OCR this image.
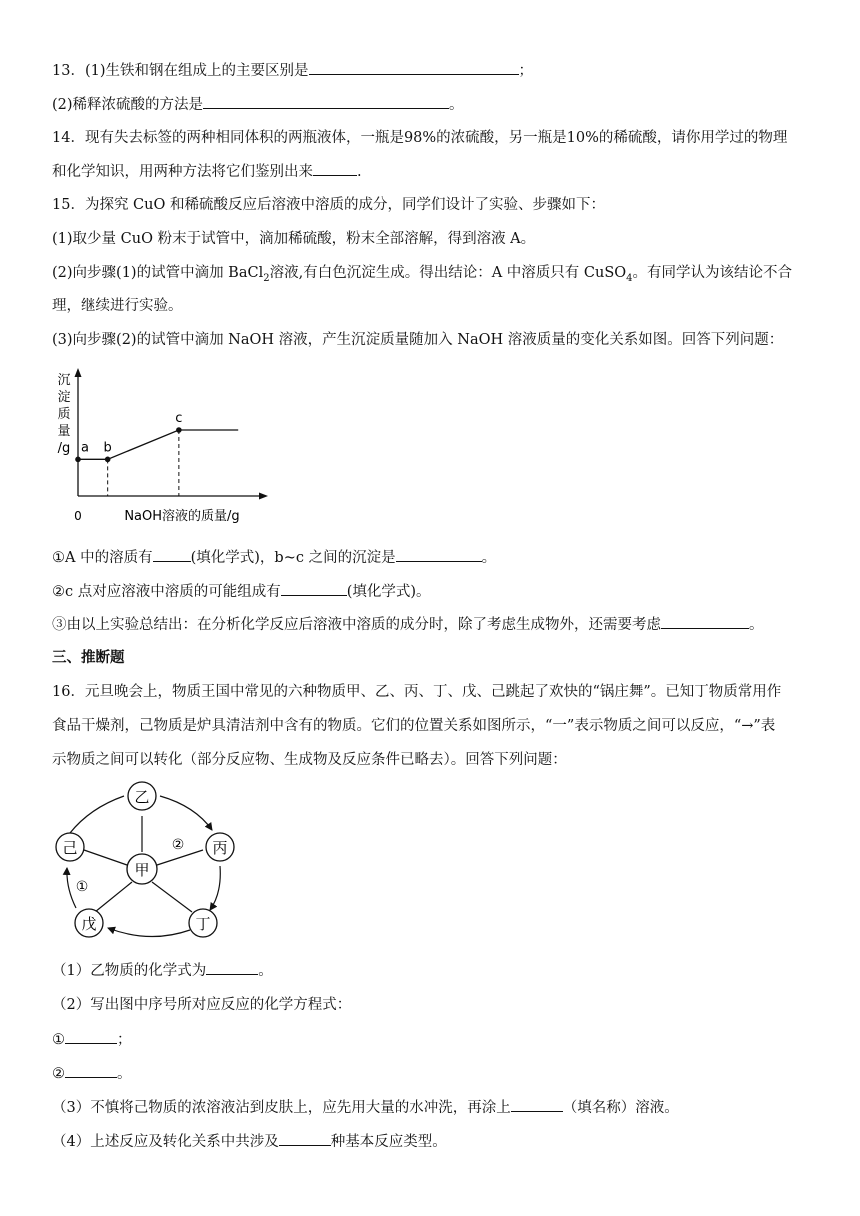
13．(1)生铁和钢在组成上的主要区别是	；
(2)稀释浓硫酸的方法是	。
14．现有失去标签的两种相同体积的两瓶液体，一瓶是98%的浓硫酸，另一瓶是10%的稀硫酸，请你用学过的物理
和化学知识，用两种方法将它们鉴别出来	.
15．为探究 CuO 和稀硫酸反应后溶液中溶质的成分，同学们设计了实验、步骤如下：
(1)取少量 CuO 粉末于试管中，滴加稀硫酸，粉末全部溶解，得到溶液 A。
(2)向步骤(1)的试管中滴加 BaCl$_2$溶液,有白色沉淀生成。得出结论：A 中溶质只有 CuSO$_4$。有同学认为该结论不合
理，继续进行实验。
(3)向步骤(2)的试管中滴加 NaOH 溶液，产生沉淀质量随加入 NaOH 溶液质量的变化关系如图。回答下列问题：
沉
淀
质
量
/g
NaOH溶液的质量/g
0
a b
c
①A 中的溶质有	(填化学式)，b~c 之间的沉淀是	。
②c 点对应溶液中溶质的可能组成有	(填化学式)。
③由以上实验总结出：在分析化学反应后溶液中溶质的成分时，除了考虑生成物外，还需要考虑	。
三、推断题
16．元旦晚会上，物质王国中常见的六种物质甲、乙、丙、丁、戊、己跳起了欢快的“锅庄舞”。已知丁物质常用作
食品干燥剂，己物质是炉具清洁剂中含有的物质。它们的位置关系如图所示，“一”表示物质之间可以反应，“→”表
示物质之间可以转化（部分反应物、生成物及反应条件已略去）。回答下列问题：
乙
己	丙
甲
戊	丁
②
①
（1）乙物质的化学式为	。
（2）写出图中序号所对应反应的化学方程式：
①	；
②	。
（3）不慎将己物质的浓溶液沾到皮肤上，应先用大量的水冲洗，再涂上	（填名称）溶液。
（4）上述反应及转化关系中共涉及	种基本反应类型。
